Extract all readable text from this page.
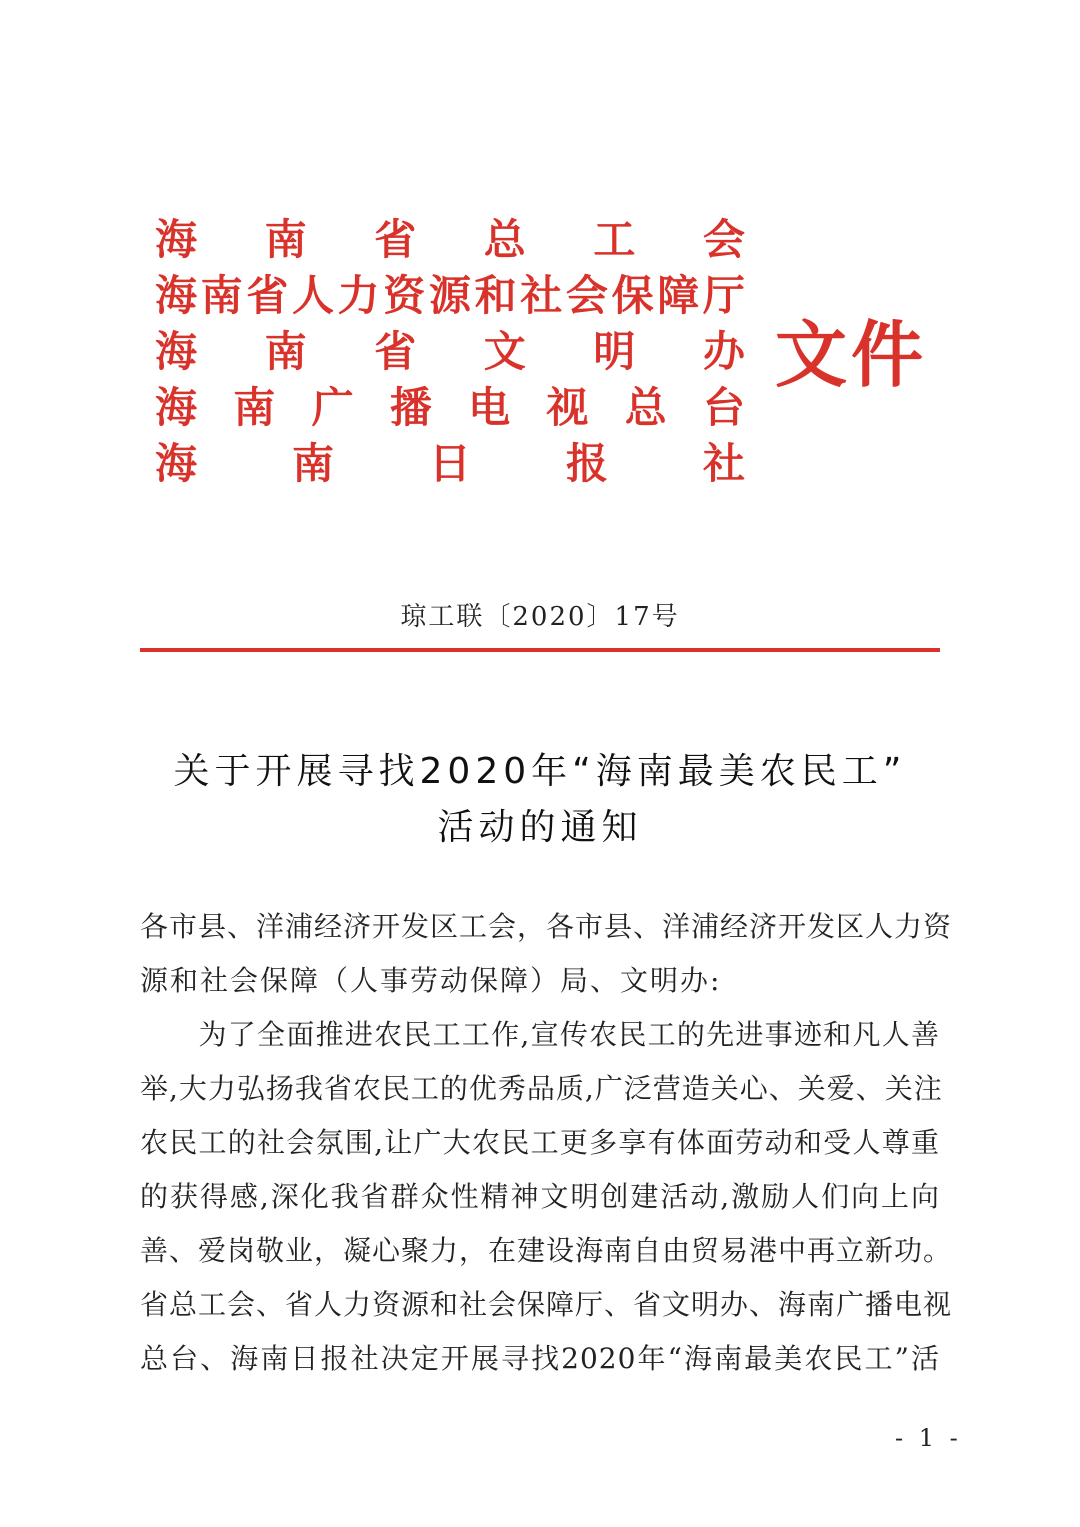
海 南 省 总 工 会
海 南 省 人 力 资 源 和 社 会 保 障 厅
海 南 省 文 明 办
海 南 广 播 电 视 总 台
海 南 日 报 社
文件
琼工联〔2020〕17号
关于开展寻找2020年“海南最美农民工”
活动的通知
各市县、洋浦经济开发区工会，各市县、洋浦经济开发区人力资
源和社会保障（人事劳动保障）局、文明办:
　　为了全面推进农民工工作,宣传农民工的先进事迹和凡人善
举,大力弘扬我省农民工的优秀品质,广泛营造关心、关爱、关注
农民工的社会氛围,让广大农民工更多享有体面劳动和受人尊重
的获得感,深化我省群众性精神文明创建活动,激励人们向上向
善、爱岗敬业，凝心聚力，在建设海南自由贸易港中再立新功。
省总工会、省人力资源和社会保障厅、省文明办、海南广播电视
总台、海南日报社决定开展寻找2020年“海南最美农民工”活
- 1 -
